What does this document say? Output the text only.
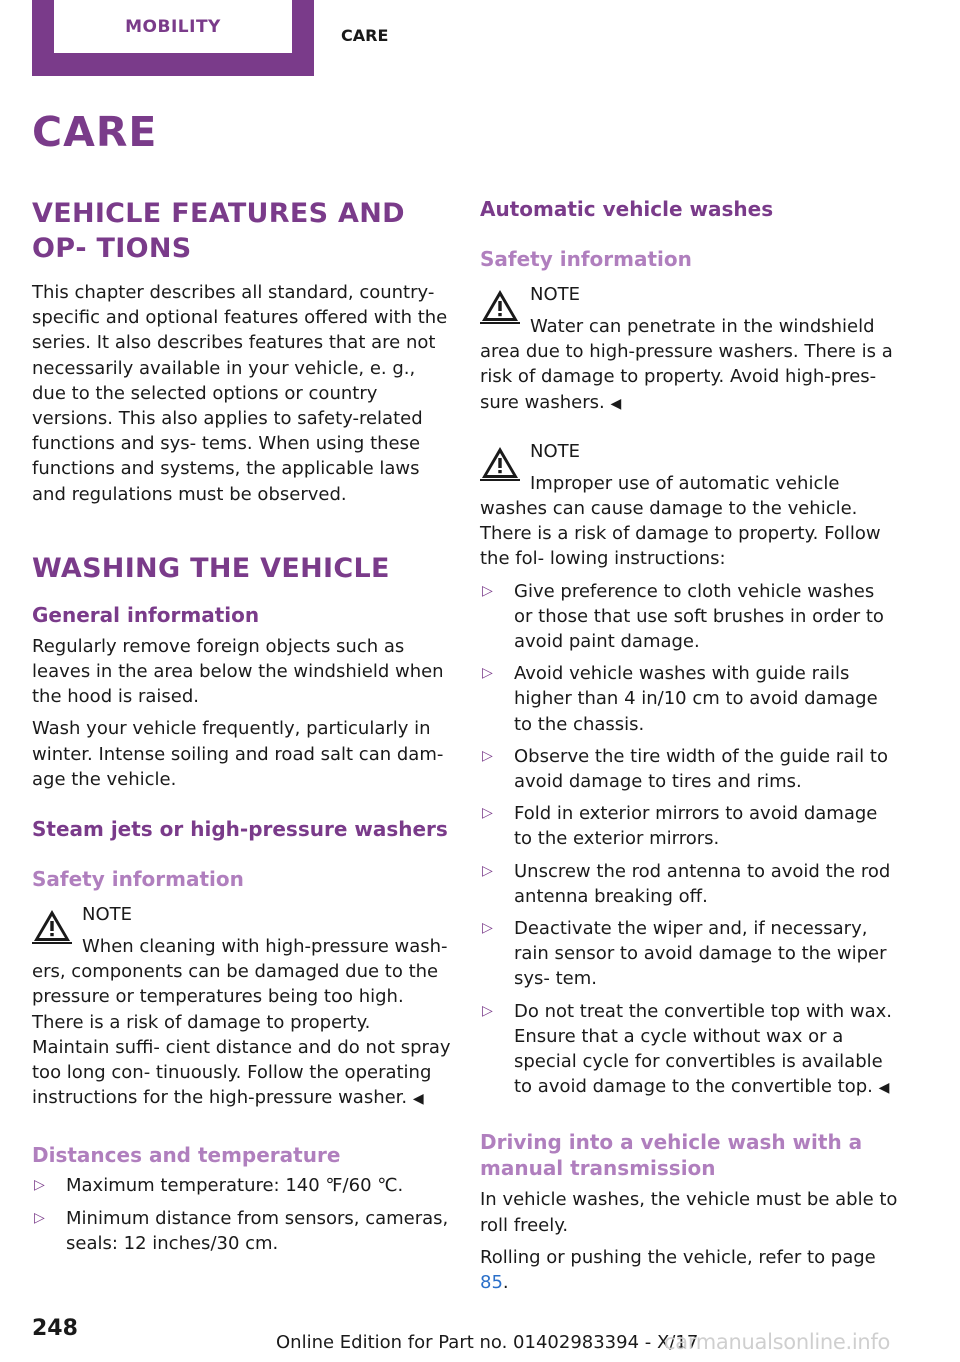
MOBILITY	CARE
CARE
VEHICLE FEATURES AND OP‐ TIONS

This chapter describes all standard, country-specific and optional features offered with the series. It also describes features that are not necessarily available in your vehicle, e. g., due to the selected options or country versions. This also applies to safety-related functions and sys‐ tems. When using these functions and systems, the applicable laws and regulations must be observed.

WASHING THE VEHICLE
General information

Regularly remove foreign objects such as leaves in the area below the windshield when the hood is raised.

Wash your vehicle frequently, particularly in winter. Intense soiling and road salt can dam‐ age the vehicle.

Steam jets or high-pressure washers
Safety information
NOTE

When cleaning with high-pressure wash‐ ers, components can be damaged due to the pressure or temperatures being too high. There is a risk of damage to property. Maintain suffi‐ cient distance and do not spray too long con‐ tinuously. Follow the operating instructions for the high-pressure washer. ◀

Distances and temperature
▷ Maximum temperature: 140 ℉/60 ℃.
▷ Minimum distance from sensors, cameras, seals: 12 inches/30 cm.
Automatic vehicle washes
Safety information
NOTE

Water can penetrate in the windshield area due to high-pressure washers. There is a risk of damage to property. Avoid high-pres‐ sure washers. ◀

NOTE

Improper use of automatic vehicle washes can cause damage to the vehicle. There is a risk of damage to property. Follow the fol‐ lowing instructions:

▷ Give preference to cloth vehicle washes or those that use soft brushes in order to avoid paint damage.
▷ Avoid vehicle washes with guide rails higher than 4 in/10 cm to avoid damage to the chassis.
▷ Observe the tire width of the guide rail to avoid damage to tires and rims.
▷ Fold in exterior mirrors to avoid damage to the exterior mirrors.
▷ Unscrew the rod antenna to avoid the rod antenna breaking off.
▷ Deactivate the wiper and, if necessary, rain sensor to avoid damage to the wiper sys‐ tem.
▷ Do not treat the convertible top with wax. Ensure that a cycle without wax or a special cycle for convertibles is available to avoid damage to the convertible top. ◀
Driving into a vehicle wash with a manual transmission

In vehicle washes, the vehicle must be able to roll freely.

Rolling or pushing the vehicle, refer to page 85.

248
Online Edition for Part no. 01402983394 - X/17
carmanualsonline.info
